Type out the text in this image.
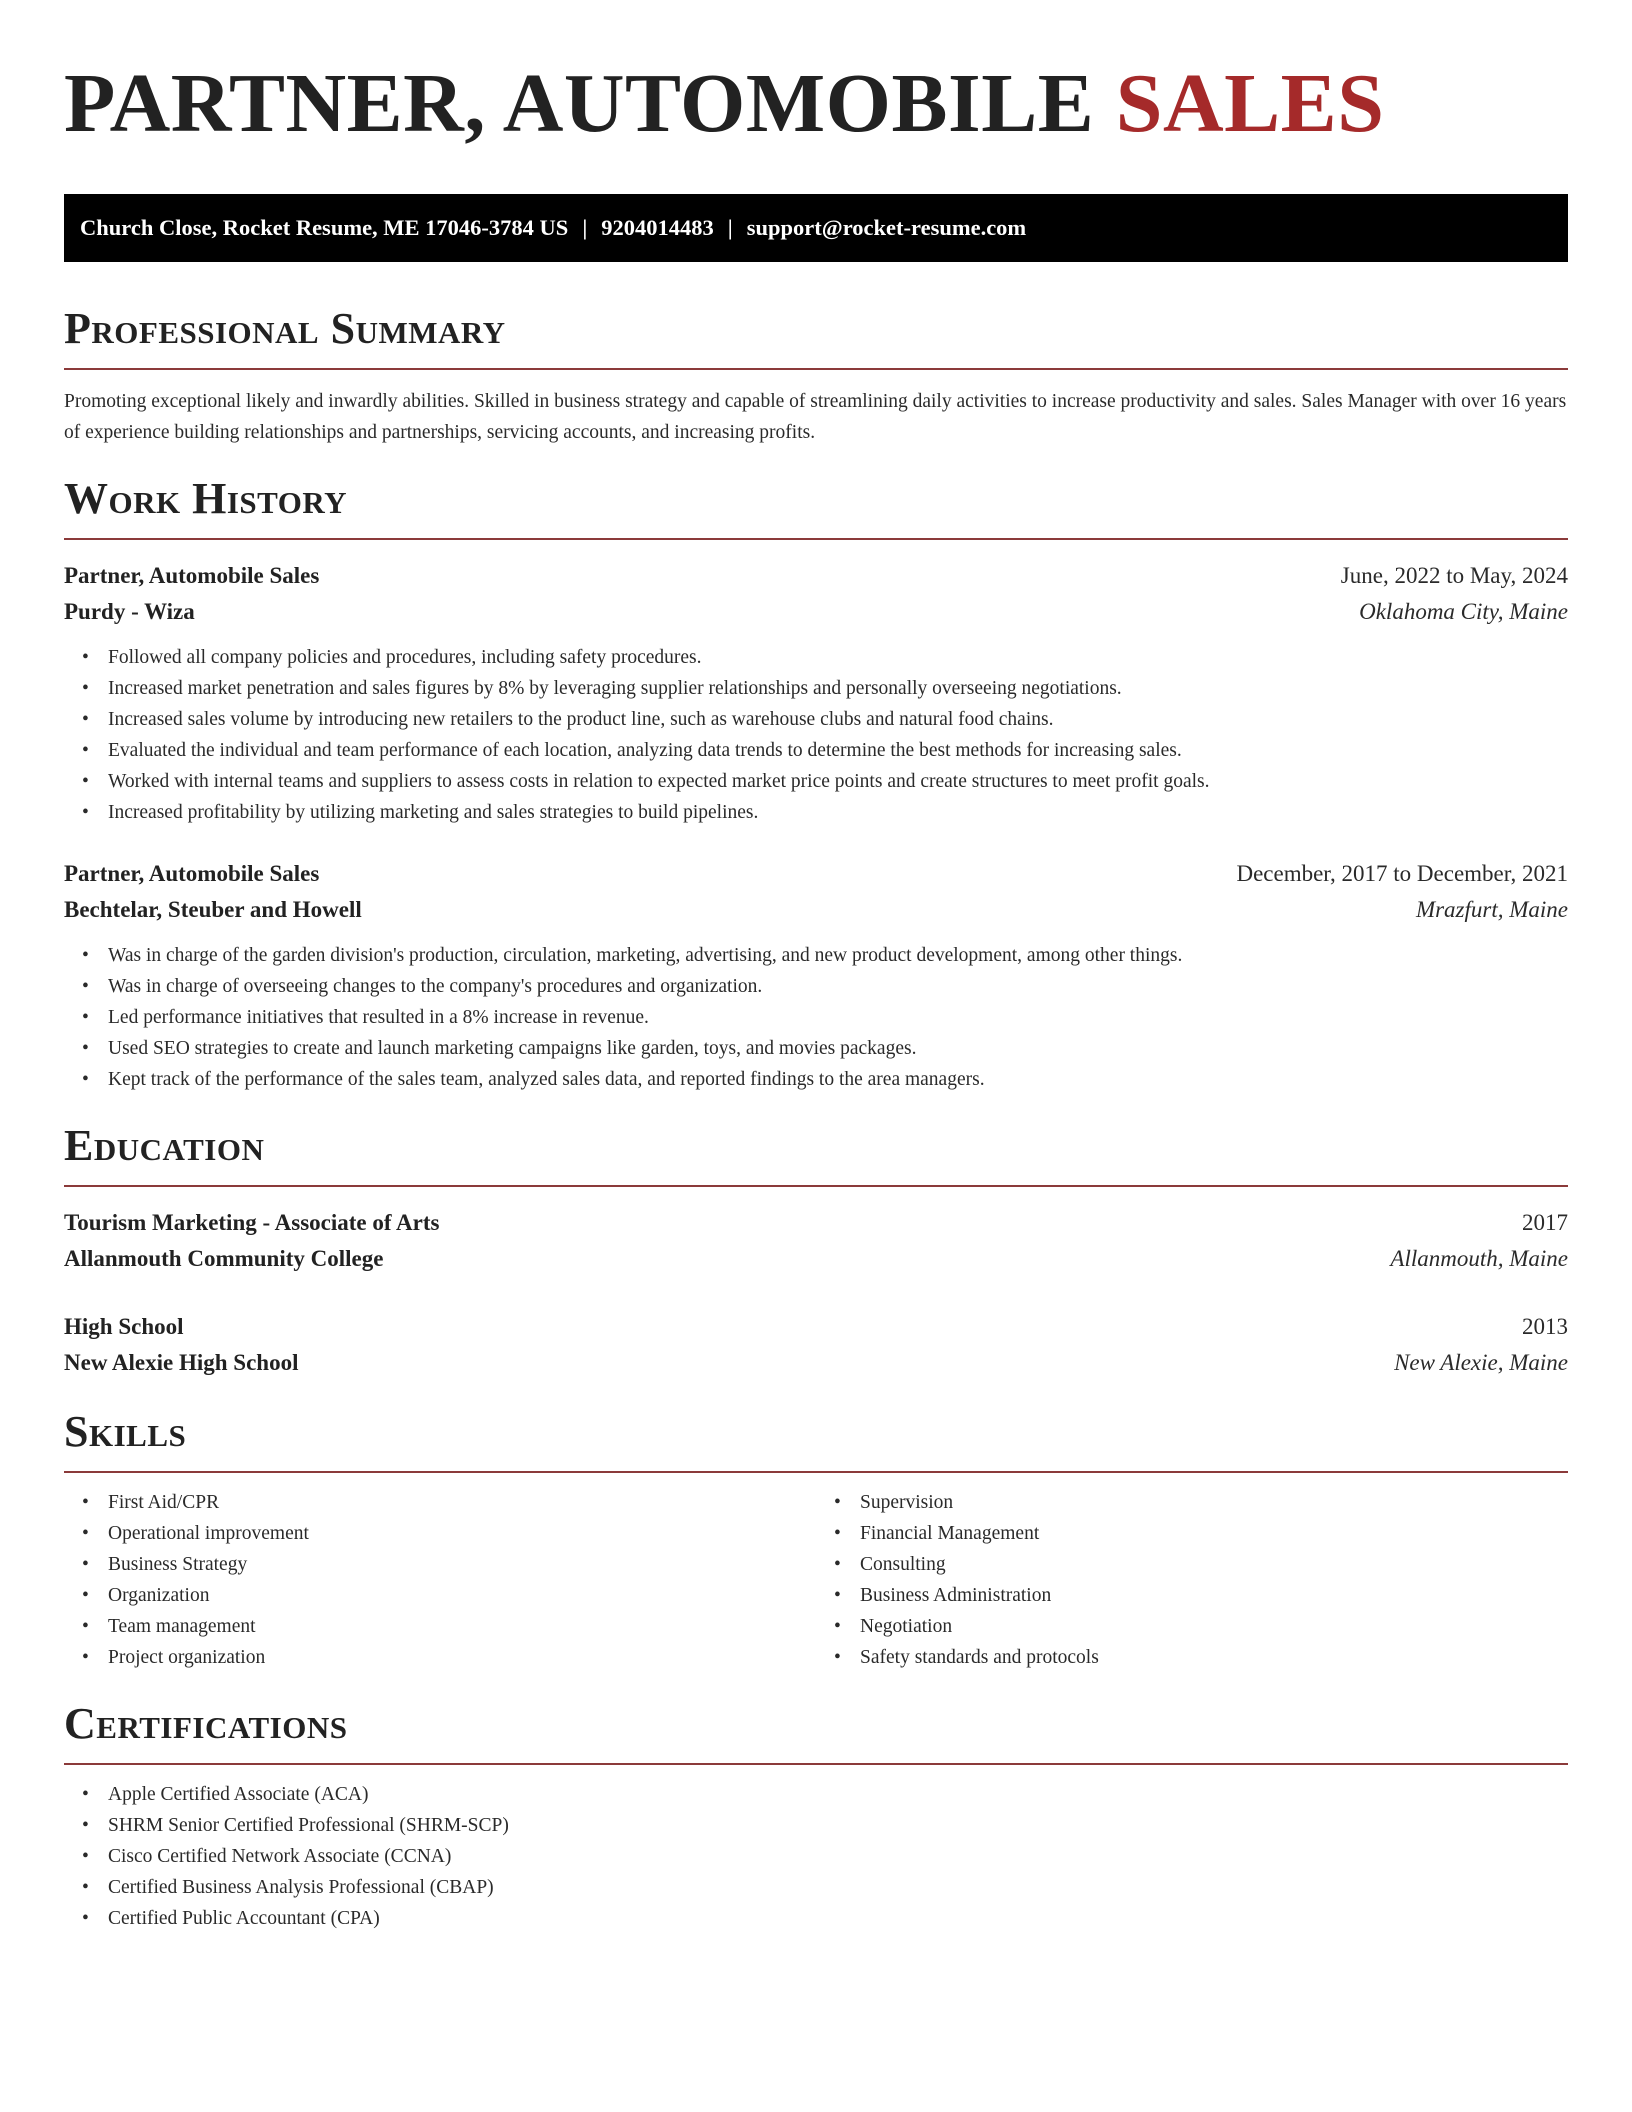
PARTNER, AUTOMOBILE SALES
Church Close, Rocket Resume, ME 17046-3784 US | 9204014483 | support@rocket-resume.com
Professional Summary

Promoting exceptional likely and inwardly abilities. Skilled in business strategy and capable of streamlining daily activities to increase productivity and sales. Sales Manager with over 16 years of experience building relationships and partnerships, servicing accounts, and increasing profits.

Work History
Partner, Automobile Sales	June, 2022 to May, 2024
Purdy - Wiza	Oklahoma City, Maine
• Followed all company policies and procedures, including safety procedures.
• Increased market penetration and sales figures by 8% by leveraging supplier relationships and personally overseeing negotiations.
• Increased sales volume by introducing new retailers to the product line, such as warehouse clubs and natural food chains.
• Evaluated the individual and team performance of each location, analyzing data trends to determine the best methods for increasing sales.
• Worked with internal teams and suppliers to assess costs in relation to expected market price points and create structures to meet profit goals.
• Increased profitability by utilizing marketing and sales strategies to build pipelines.
Partner, Automobile Sales	December, 2017 to December, 2021
Bechtelar, Steuber and Howell	Mrazfurt, Maine
• Was in charge of the garden division's production, circulation, marketing, advertising, and new product development, among other things.
• Was in charge of overseeing changes to the company's procedures and organization.
• Led performance initiatives that resulted in a 8% increase in revenue.
• Used SEO strategies to create and launch marketing campaigns like garden, toys, and movies packages.
• Kept track of the performance of the sales team, analyzed sales data, and reported findings to the area managers.
Education
Tourism Marketing - Associate of Arts	2017
Allanmouth Community College	Allanmouth, Maine
High School	2013
New Alexie High School	New Alexie, Maine
Skills
• First Aid/CPR
• Operational improvement
• Business Strategy
• Organization
• Team management
• Project organization
• Supervision
• Financial Management
• Consulting
• Business Administration
• Negotiation
• Safety standards and protocols
Certifications
• Apple Certified Associate (ACA)
• SHRM Senior Certified Professional (SHRM-SCP)
• Cisco Certified Network Associate (CCNA)
• Certified Business Analysis Professional (CBAP)
• Certified Public Accountant (CPA)
